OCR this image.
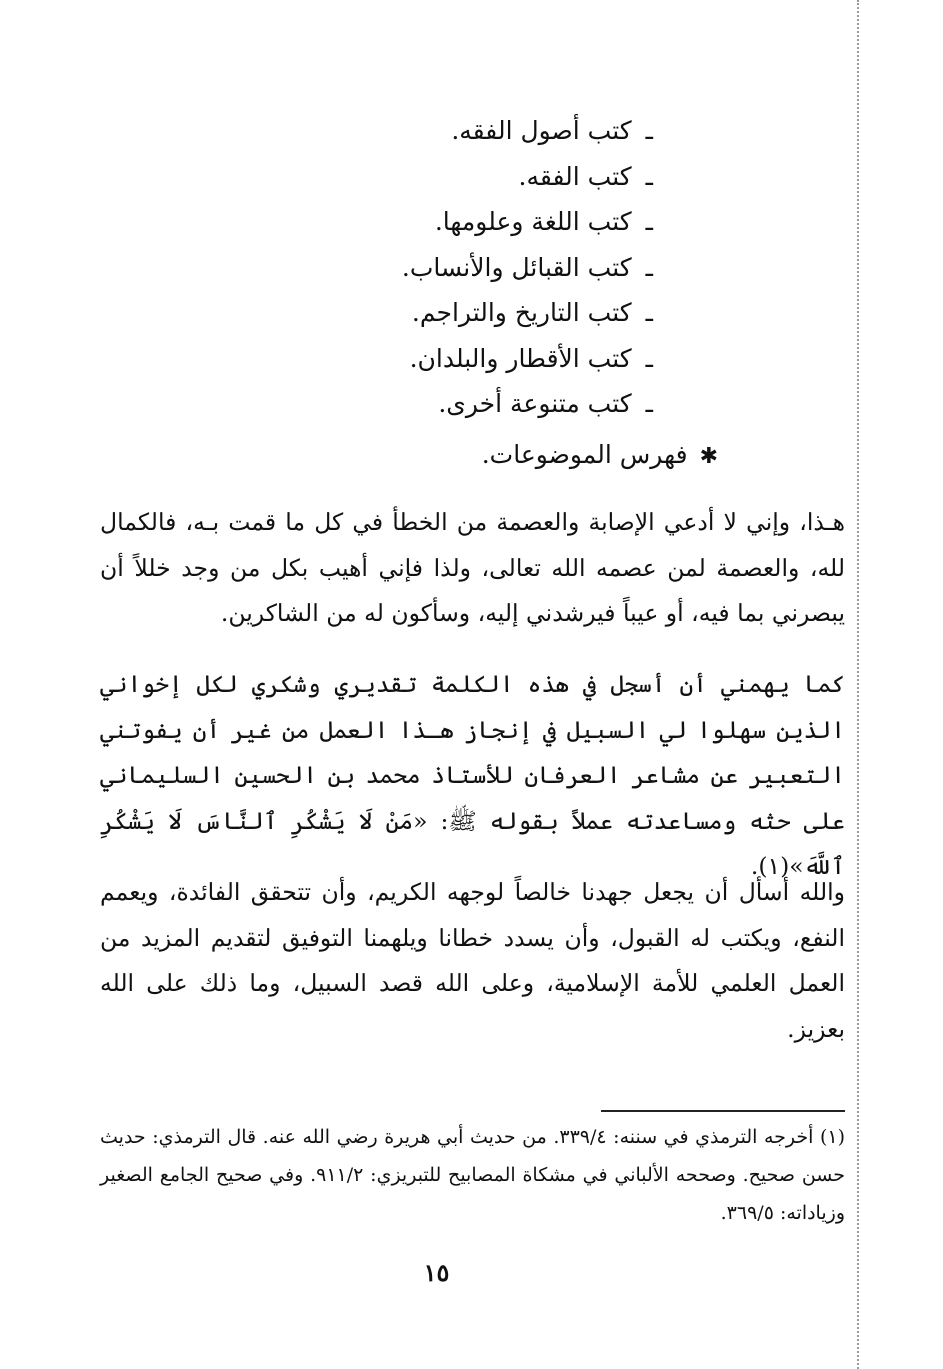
ـكتب أصول الفقه.
ـكتب الفقه.
ـكتب اللغة وعلومها.
ـكتب القبائل والأنساب.
ـكتب التاريخ والتراجم.
ـكتب الأقطار والبلدان.
ـكتب متنوعة أخرى.
✱فهرس الموضوعات.

هـذا، وإني لا أدعي الإصابة والعصمة من الخطأ في كل ما قمت بـه، فالكمال لله، والعصمة لمن عصمه الله تعالى، ولذا فإني أهيب بكل من وجد خللاً أن يبصرني بما فيه، أو عيباً فيرشدني إليه، وسأكون له من الشاكرين.

كما يهمني أن أسجل في هذه الكلمة تقديري وشكري لكل إخواني الذين سهلوا لي السبيل في إنجاز هـذا العمل من غير أن يفوتني التعبير عن مشاعر العرفان للأستاذ محمد بن الحسين السليماني على حثه ومساعدته عملاً بقوله ﷺ: «مَنْ لَا يَشْكُرِ ٱلنَّاسَ لَا يَشْكُرِ ٱللَّهَ»(١).

والله أسأل أن يجعل جهدنا خالصاً لوجهه الكريم، وأن تتحقق الفائدة، ويعمم النفع، ويكتب له القبول، وأن يسدد خطانا ويلهمنا التوفيق لتقديم المزيد من العمل العلمي للأمة الإسلامية، وعلى الله قصد السبيل، وما ذلك على الله بعزيز.

(١) أخرجه الترمذي في سننه: ٣٣٩/٤. من حديث أبي هريرة رضي الله عنه. قال الترمذي: حديث حسن صحيح. وصححه الألباني في مشكاة المصابيح للتبريزي: ٩١١/٢. وفي صحيح الجامع الصغير وزياداته: ٣٦٩/٥.

١٥
